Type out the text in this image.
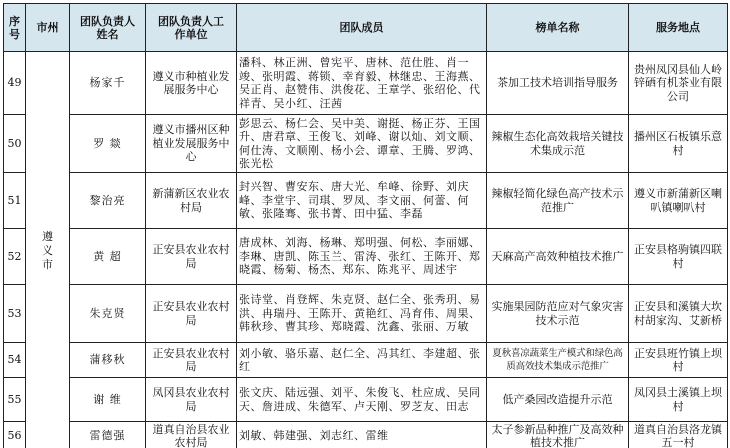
序号	市州	团队负责人姓名	团队负责人工作单位	团队成员	榜单名称	服务地点
49	遵义市	杨家千	遵义市种植业发展服务中心	潘科、林正洲、曾宪平、唐林、范仕胜、肖一竣、张明霞、蒋锁、幸育毅、林继忠、王海燕、吴正肖、赵赞伟、洪俊花、王章学、张绍伦、代祥青、吴小红、汪茜	茶加工技术培训指导服务	贵州凤冈县仙人岭锌硒有机茶业有限公司
50		罗 燚	遵义市播州区种植业发展服务中心	彭思云、杨仁会、吴中美、谢挺、杨正芬、王国升、唐君章、王俊飞、刘峰、谢以灿、刘文顺、何仕涛、文顺刚、杨小会、谭章、王腾、罗鸿、张光松	辣椒生态化高效栽培关键技术集成示范	播州区石板镇乐意村
51		黎治亮	新蒲新区农业农村局	封兴智、曹安东、唐大光、牟峰、徐野、刘庆峰、李堂宇、司琪、罗凤、李文丽、何蕾、何敏、张隆骞、张书菁、田中猛、李磊	辣椒轻简化绿色高产技术示范推广	遵义市新蒲新区喇叭镇喇叭村
52		黄 超	正安县农业农村局	唐成林、刘海、杨琳、郑明强、何松、李丽娜、李琳、唐凯、陈玉兰、雷涛、张红、王陈开、郑晓霞、杨菊、杨杰、郑东、陈兆平、周述宇	天麻高产高效种植技术推广	正安县格驹镇四联村
53		朱克贤	正安县农业农村局	张诗堂、肖登辉、朱克贤、赵仁全、张秀玥、易洪、冉瑞丹、王陈开、黄艳红、冯育伟、周果、韩秋珍、曹其珍、郑晓霞、沈鑫、张丽、万敏	实施果园防范应对气象灾害技术示范	正安县和溪镇大坎村胡家沟、艾新桥
54		蒲移秋	正安县农业农村局	刘小敏、骆乐嘉、赵仁全、冯其红、李建超、张红	夏秋喜凉蔬菜生产模式和绿色高质高效技术集成示范推广	正安县班竹镇上坝村
55		谢 维	凤冈县农业农村局	张文庆、陆远强、刘平、朱俊飞、杜应成、吴同天、詹进成、朱德军、卢天刚、罗芝友、田志	低产桑园改造提升示范	凤冈县土溪镇上坝村
56		雷德强	道真自治县农业农村局	刘敏、韩建强、刘志红、雷维	太子参新品种推广及高效种植技术推广	道真自治县洛龙镇五一村
